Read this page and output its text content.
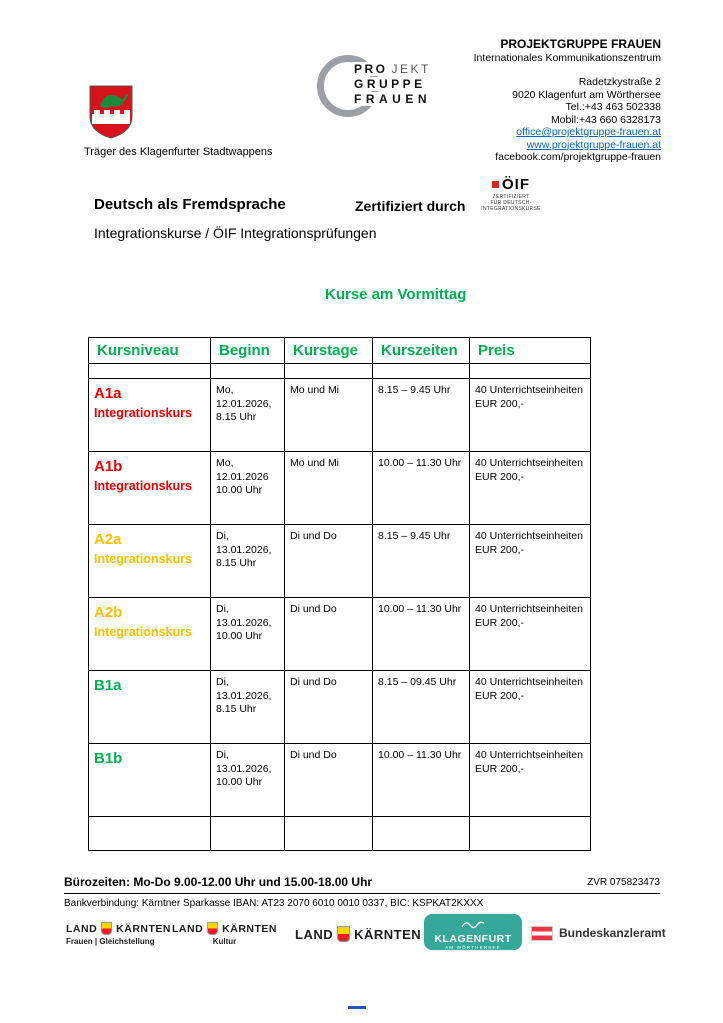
Träger des Klagenfurter Stadtwappens
PRO JEKT
GRUPPE
FRAUEN
PROJEKTGRUPPE FRAUEN
Internationales Kommunikationszentrum
Radetzkystraße 2
9020 Klagenfurt am Wörthersee
Tel.:+43 463 502338
Mobil:+43 660 6328173
office@projektgruppe-frauen.at
www.projektgruppe-frauen.at
facebook.com/projektgruppe-frauen
Deutsch als Fremdsprache	Zertifiziert durch
ÖIF
ZERTIFIZIERT
FÜR DEUTSCH-
INTEGRATIONSKURSE
Integrationskurse / ÖIF Integrationsprüfungen
Kurse am Vormittag
Kursniveau	Beginn	Kurstage	Kurszeiten	Preis

A1a
Integrationskurs	Mo, 12.01.2026, 8.15 Uhr	Mo und Mi	8.15 – 9.45 Uhr	40 Unterrichtseinheiten EUR 200,-

A1b
Integrationskurs	Mo, 12.01.2026 10.00 Uhr	Mo und Mi	10.00 – 11.30 Uhr	40 Unterrichtseinheiten EUR 200,-

A2a
Integrationskurs	Di, 13.01.2026, 8.15 Uhr	Di und Do	8.15 – 9.45 Uhr	40 Unterrichtseinheiten EUR 200,-

A2b
Integrationskurs	Di, 13.01.2026, 10.00 Uhr	Di und Do	10.00 – 11.30 Uhr	40 Unterrichtseinheiten EUR 200,-

B1a	Di, 13.01.2026, 8.15 Uhr	Di und Do	8.15 – 09.45 Uhr	40 Unterrichtseinheiten EUR 200,-

B1b	Di, 13.01.2026, 10.00 Uhr	Di und Do	10.00 – 11.30 Uhr	40 Unterrichtseinheiten EUR 200,-

Bürozeiten: Mo-Do 9.00-12.00 Uhr und 15.00-18.00 Uhr	ZVR 075823473
Bankverbindung: Kärntner Sparkasse IBAN: AT23 2070 6010 0010 0337, BIC: KSPKAT2KXXX
LAND KÄRNTEN
Frauen | Gleichstellung
LAND KÄRNTEN
Kultur	LAND KÄRNTEN	KLAGENFURT
AM WÖRTHERSEE
Bundeskanzleramt
